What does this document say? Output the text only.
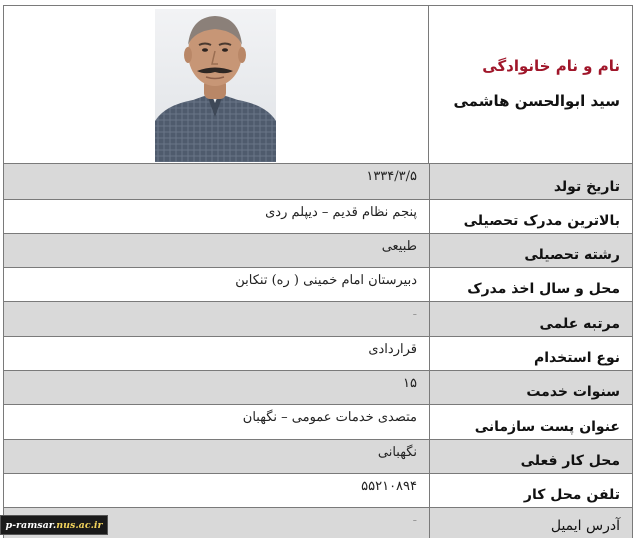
نام و نام خانوادگی
سید ابوالحسن هاشمی
تاریخ تولد
۱۳۳۴/۳/۵
بالاترین مدرک تحصیلی
پنجم نظام قدیم – دیپلم ردی
رشته تحصیلی
طبیعی
محل و سال اخذ مدرک
دبیرستان امام خمینی ( ره) تنکابن
مرتبه علمی
-
نوع استخدام
قراردادی
سنوات خدمت
۱۵
عنوان پست سازمانی
متصدی خدمات عمومی – نگهبان
محل کار فعلی
نگهبانی
تلفن محل کار
۵۵۲۱۰۸۹۴
آدرس ایمیل
-
p-ramsar. nus.ac.ir
